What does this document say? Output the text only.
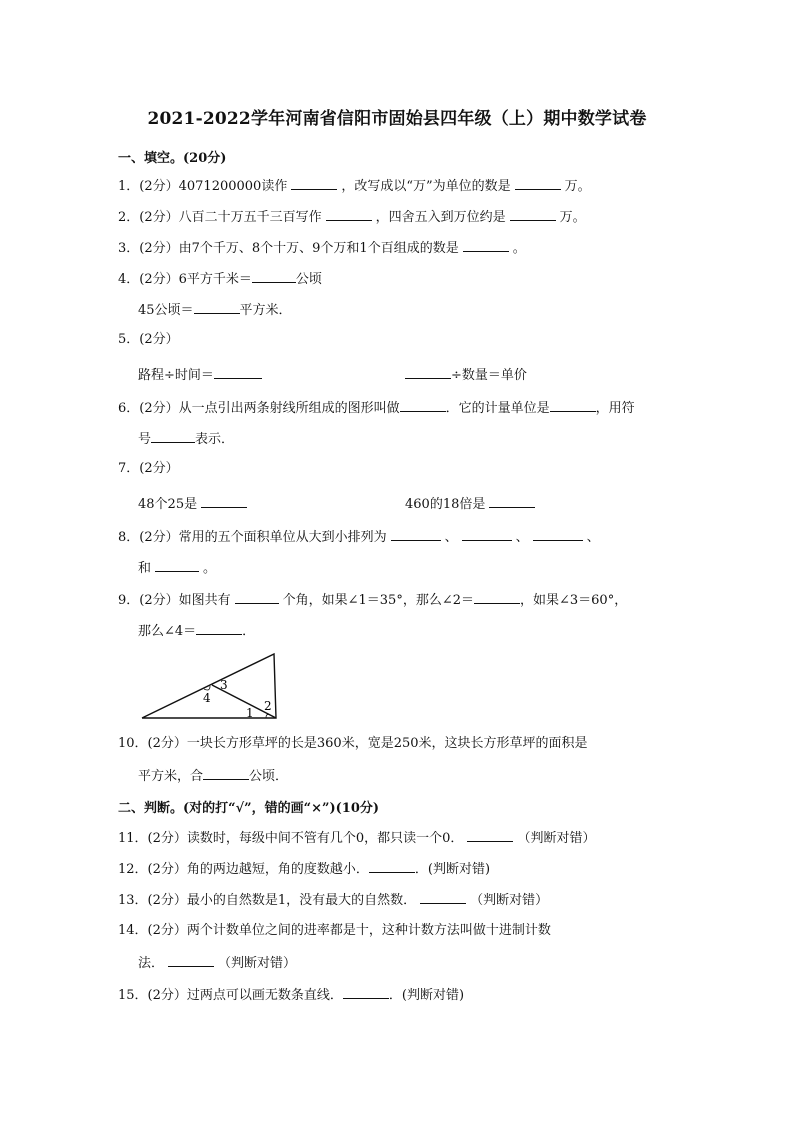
2021-2022学年河南省信阳市固始县四年级（上）期中数学试卷
一、填空。(20分)
1．(2分）4071200000读作	，改写成以“万”为单位的数是	万。
2．(2分）八百二十万五千三百写作	，四舍五入到万位约是	万。
3．(2分）由7个千万、8个十万、9个万和1个百组成的数是	。
4．(2分）6平方千米＝	公顷
45公顷＝	平方米．
5．(2分）
路程÷时间＝	÷数量＝单价
6．(2分）从一点引出两条射线所组成的图形叫做	．它的计量单位是	，用符
号	表示．
7．(2分）
48个25是	460的18倍是
8．(2分）常用的五个面积单位从大到小排列为	、	、	、
和	。
9．(2分）如图共有	个角，如果∠1＝35°，那么∠2＝	，如果∠3＝60°，
那么∠4＝	．
3
4
2
1
10．(2分）一块长方形草坪的长是360米，宽是250米，这块长方形草坪的面积是
平方米，合	公顷．
二、判断。(对的打“√”，错的画“×”)(10分)
11．(2分）读数时，每级中间不管有几个0，都只读一个0．	（判断对错）
12．(2分）角的两边越短，角的度数越小．	．(判断对错)
13．(2分）最小的自然数是1，没有最大的自然数．	（判断对错）
14．(2分）两个计数单位之间的进率都是十，这种计数方法叫做十进制计数
法．	（判断对错）
15．(2分）过两点可以画无数条直线．	．(判断对错)
